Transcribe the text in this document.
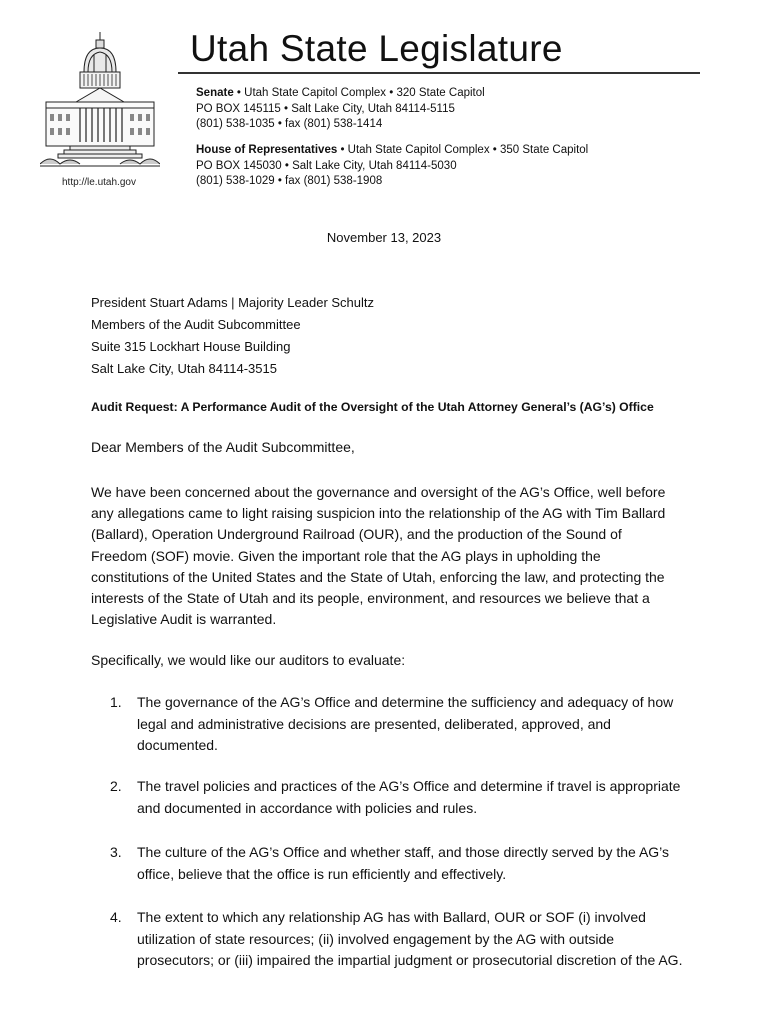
http://le.utah.gov
Utah State Legislature
Senate • Utah State Capitol Complex • 320 State Capitol
PO BOX 145115 • Salt Lake City, Utah 84114-5115
(801) 538-1035 • fax (801) 538-1414
House of Representatives • Utah State Capitol Complex • 350 State Capitol
PO BOX 145030 • Salt Lake City, Utah 84114-5030
(801) 538-1029 • fax (801) 538-1908
November 13, 2023
President Stuart Adams | Majority Leader Schultz
Members of the Audit Subcommittee
Suite 315 Lockhart House Building
Salt Lake City, Utah 84114-3515
Audit Request: A Performance Audit of the Oversight of the Utah Attorney General’s (AG’s) Office
Dear Members of the Audit Subcommittee,
We have been concerned about the governance and oversight of the AG’s Office, well before any allegations came to light raising suspicion into the relationship of the AG with Tim Ballard (Ballard), Operation Underground Railroad (OUR), and the production of the Sound of Freedom (SOF) movie. Given the important role that the AG plays in upholding the constitutions of the United States and the State of Utah, enforcing the law, and protecting the interests of the State of Utah and its people, environment, and resources we believe that a Legislative Audit is warranted.
Specifically, we would like our auditors to evaluate:
1. The governance of the AG’s Office and determine the sufficiency and adequacy of how legal and administrative decisions are presented, deliberated, approved, and documented.
2. The travel policies and practices of the AG’s Office and determine if travel is appropriate and documented in accordance with policies and rules.
3. The culture of the AG’s Office and whether staff, and those directly served by the AG’s office, believe that the office is run efficiently and effectively.
4. The extent to which any relationship AG has with Ballard, OUR or SOF (i) involved utilization of state resources; (ii) involved engagement by the AG with outside prosecutors; or (iii) impaired the impartial judgment or prosecutorial discretion of the AG.
